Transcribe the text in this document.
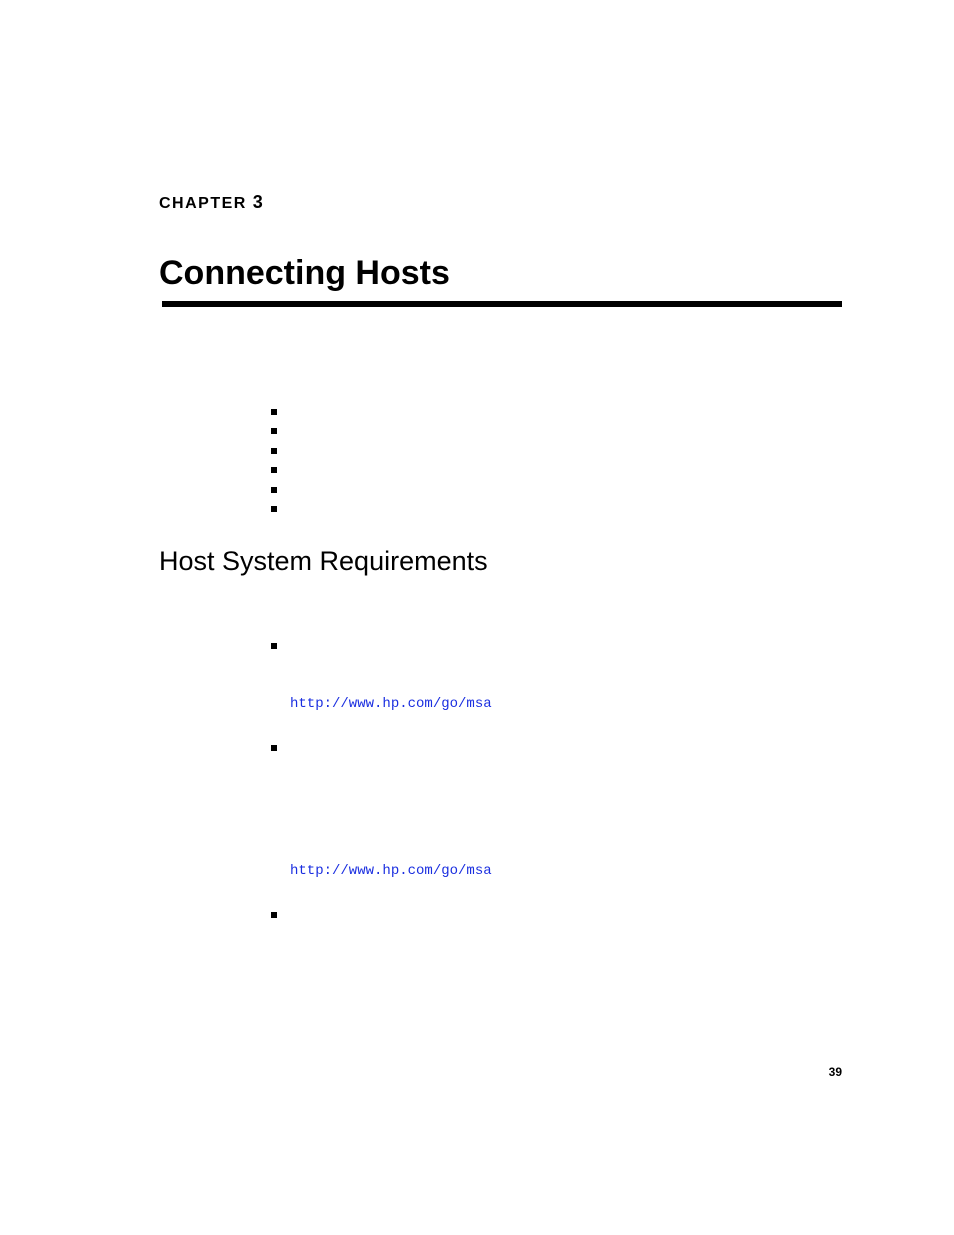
CHAPTER 3
Connecting Hosts
Host System Requirements
http://www.hp.com/go/msa
http://www.hp.com/go/msa
39
